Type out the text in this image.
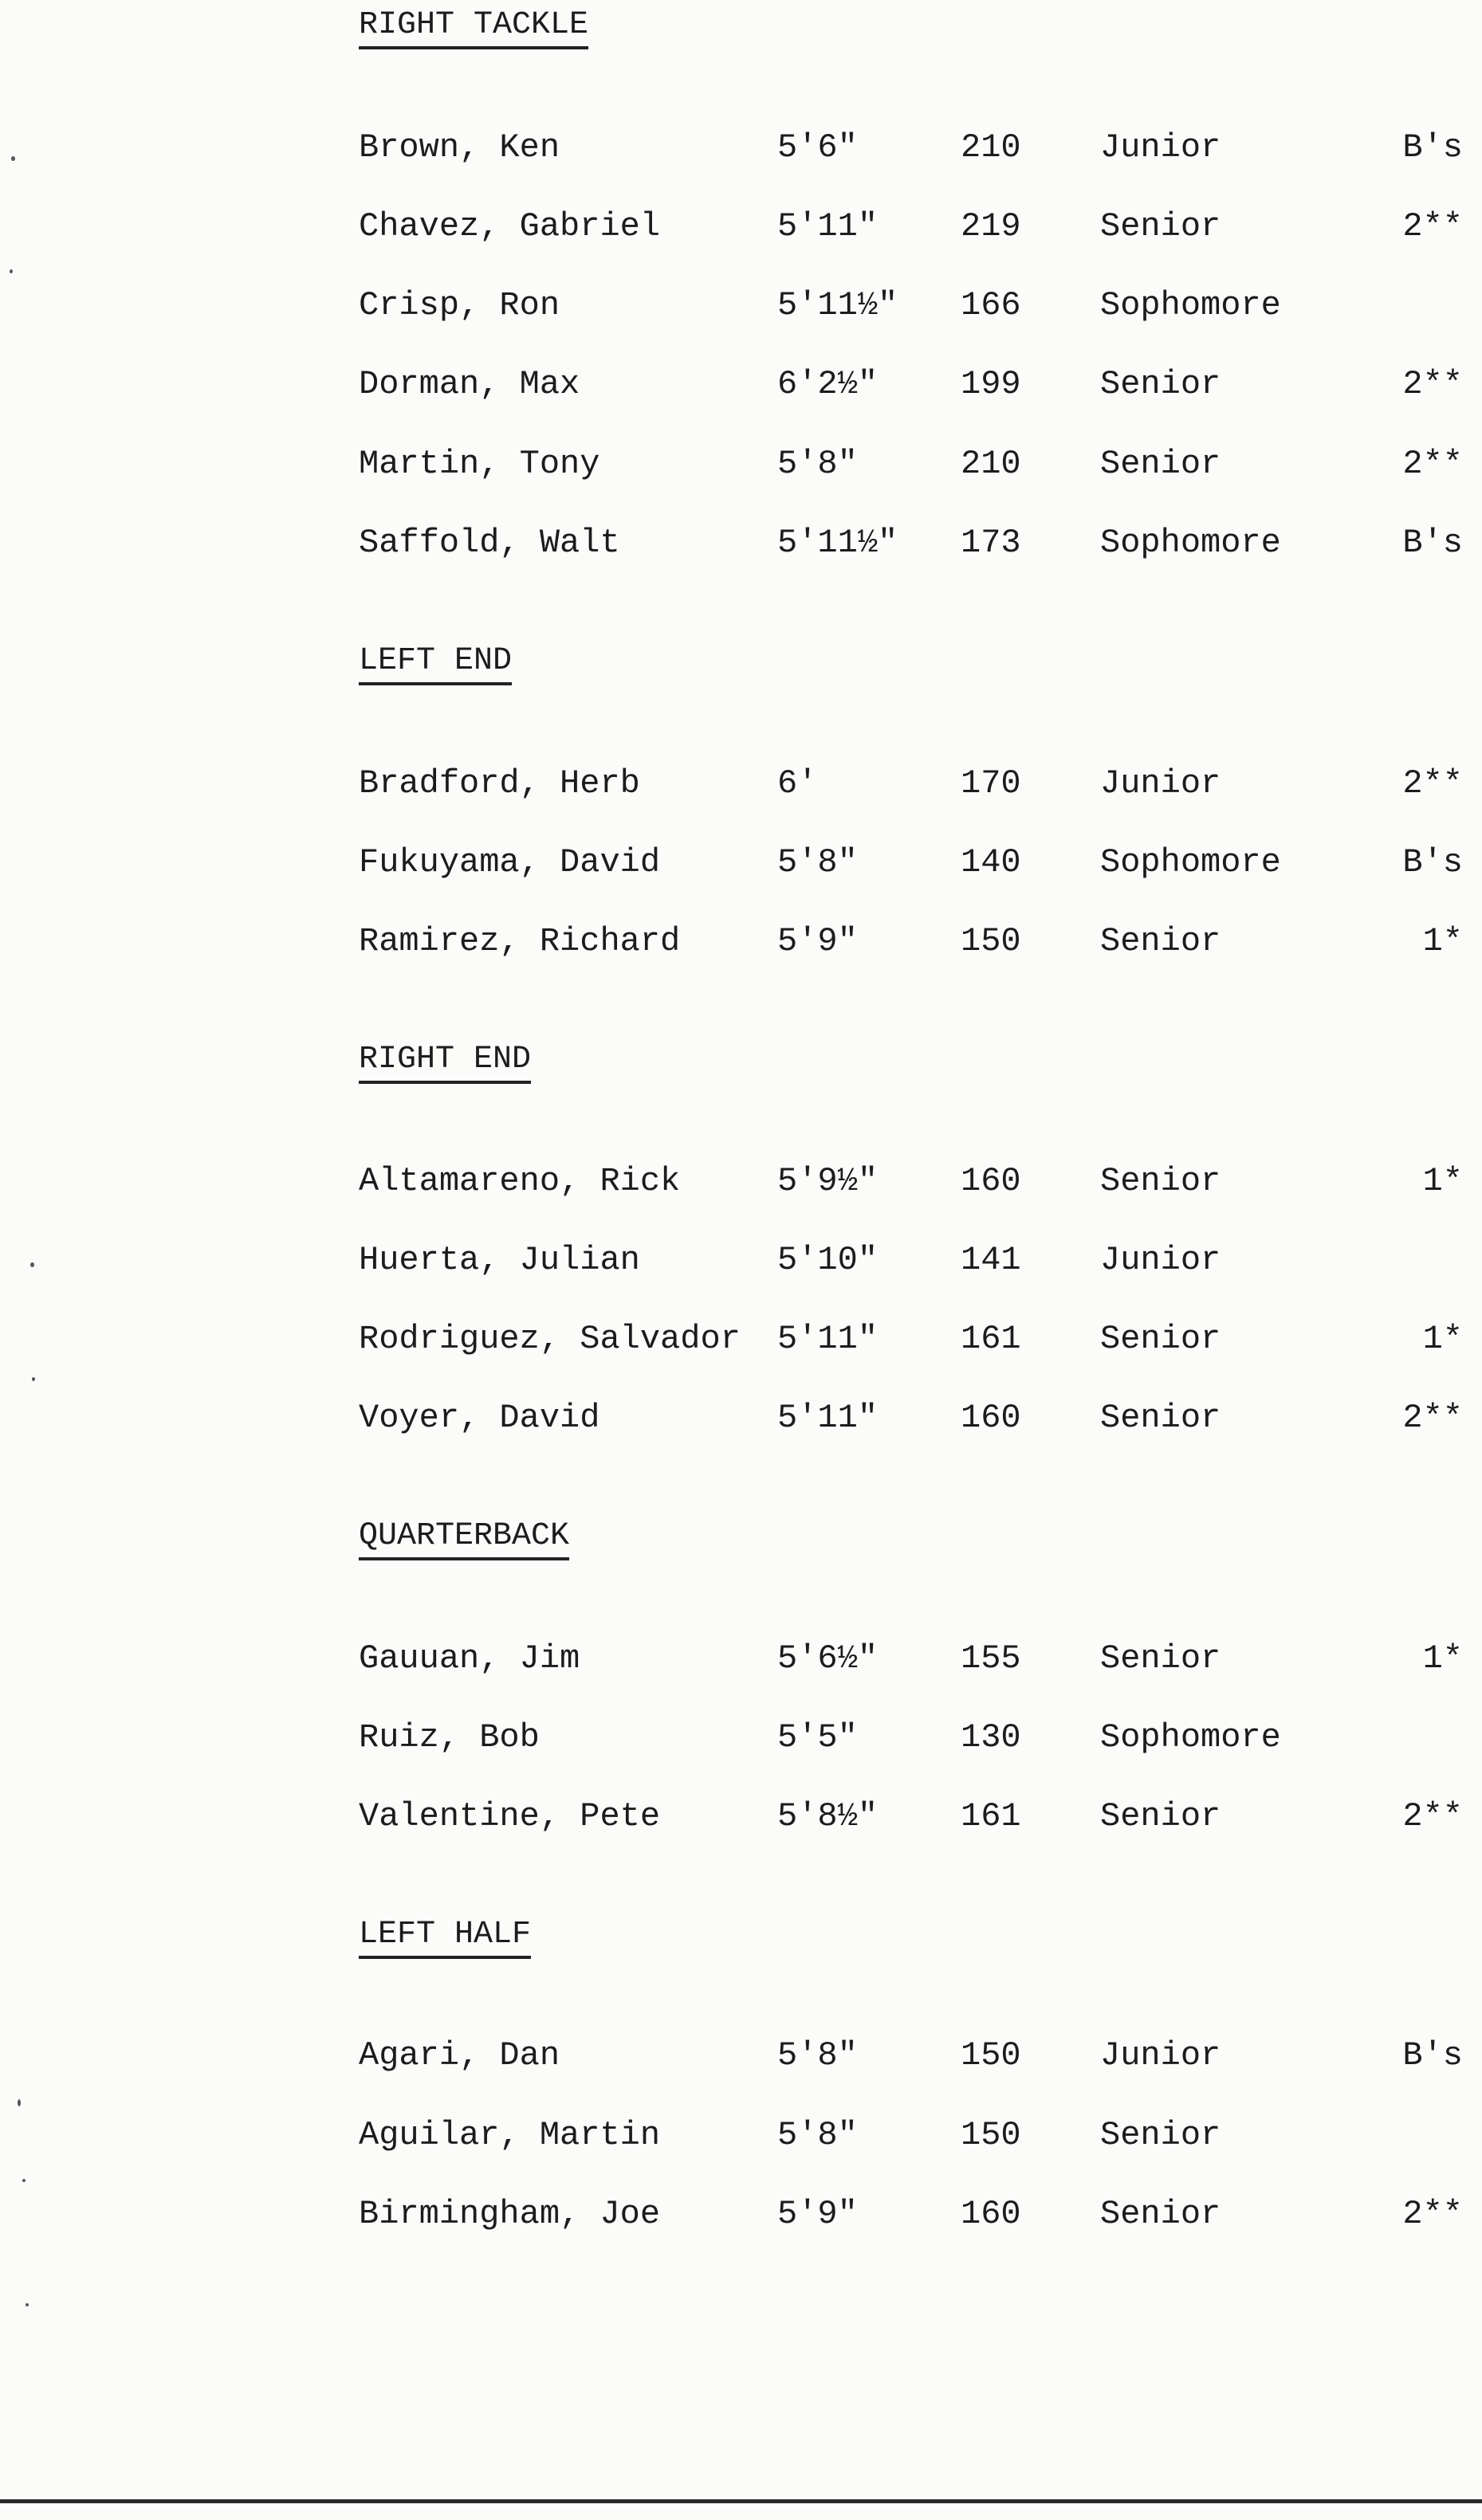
RIGHT TACKLE
Brown, Ken	5'6"	210 Junior	B's
Chavez, Gabriel	5'11" 219 Senior	2**
Crisp, Ron	5'11½" 166 Sophomore
Dorman, Max	6'2½" 199 Senior	2**
Martin, Tony	5'8"	210 Senior	2**
Saffold, Walt	5'11½" 173 Sophomore	B's
LEFT END
Bradford, Herb	6'	170 Junior	2**
Fukuyama, David	5'8"	140 Sophomore	B's
Ramirez, Richard	5'9"	150 Senior	1*
RIGHT END
Altamareno, Rick	5'9½" 160 Senior	1*
Huerta, Julian	5'10" 141 Junior
Rodriguez, Salvador 5'11" 161 Senior	1*
Voyer, David	5'11" 160 Senior	2**
QUARTERBACK
Gauuan, Jim	5'6½" 155 Senior	1*
Ruiz, Bob	5'5"	130 Sophomore
Valentine, Pete	5'8½" 161 Senior	2**
LEFT HALF
Agari, Dan	5'8"	150 Junior	B's
Aguilar, Martin	5'8"	150 Senior
Birmingham, Joe	5'9"	160 Senior	2**
